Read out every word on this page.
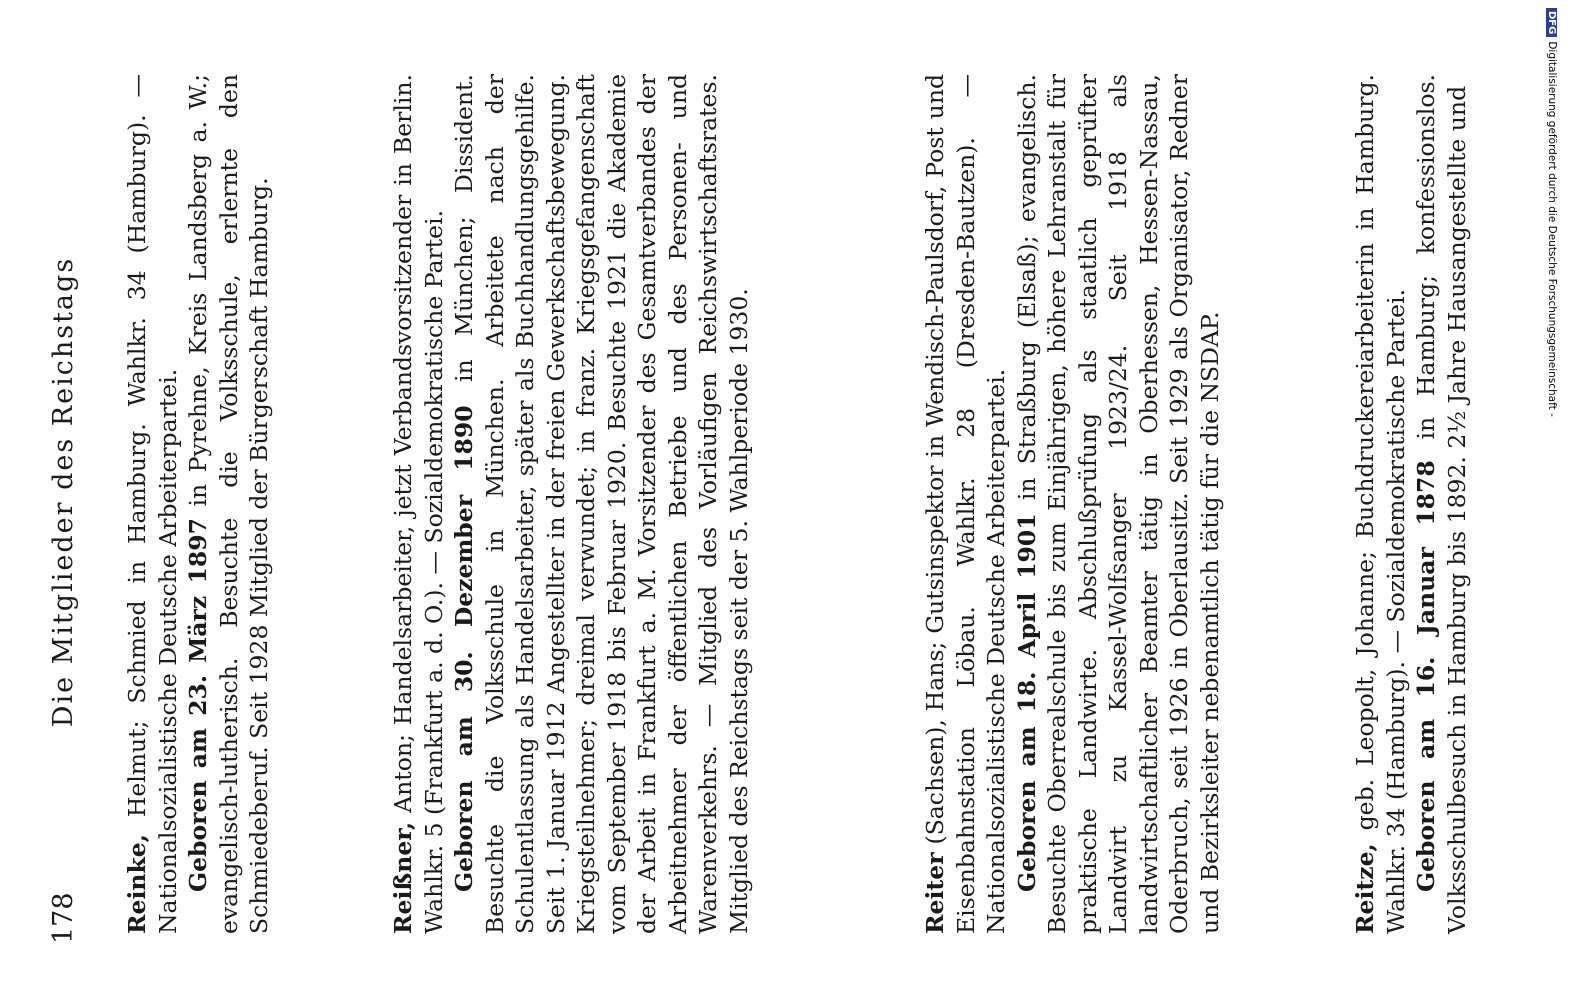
178
Die Mitglieder des Reichstags

Reinke, Helmut; Schmied in Hamburg. Wahlkr. 34 (Hamburg). — Nationalsozialistische Deutsche Arbeiterpartei. Geboren am 23. März 1897 in Pyrehne, Kreis Landsberg a. W.; evangelisch-lutherisch. Besuchte die Volksschule, erlernte den Schmiedeberuf. Seit 1928 Mitglied der Bürgerschaft Hamburg.	Reißner, Anton; Handelsarbeiter, jetzt Verbandsvorsitzender in Berlin. Wahlkr. 5 (Frankfurt a. d. O.). — Sozialdemokratische Partei. Geboren am 30. Dezember 1890 in München; Dissident. Besuchte die Volksschule in München. Arbeitete nach der Schulentlassung als Handelsarbeiter, später als Buchhandlungsgehilfe. Seit 1. Januar 1912 Angestellter in der freien Gewerkschaftsbewegung. Kriegsteilnehmer; dreimal verwundet; in franz. Kriegsgefangenschaft vom September 1918 bis Februar 1920. Besuchte 1921 die Akademie der Arbeit in Frankfurt a. M. Vorsitzender des Gesamtverbandes der Arbeitnehmer der öffentlichen Betriebe und des Personen- und Warenverkehrs. — Mitglied des Vorläufigen Reichswirtschaftsrates. Mitglied des Reichstags seit der 5. Wahlperiode 1930.	Reiter (Sachsen), Hans; Gutsinspektor in Wendisch-Paulsdorf, Post und Eisenbahnstation Löbau. Wahlkr. 28 (Dresden-Bautzen). — Nationalsozialistische Deutsche Arbeiterpartei. Geboren am 18. April 1901 in Straßburg (Elsaß); evangelisch. Besuchte Oberrealschule bis zum Einjährigen, höhere Lehranstalt für praktische Landwirte. Abschlußprüfung als staatlich geprüfter Landwirt zu Kassel-Wolfsanger 1923/24. Seit 1918 als landwirtschaftlicher Beamter tätig in Oberhessen, Hessen-Nassau, Oderbruch, seit 1926 in Oberlausitz. Seit 1929 als Organisator, Redner und Bezirksleiter nebenamtlich tätig für die NSDAP.	Reitze, geb. Leopolt, Johanne; Buchdruckereiarbeiterin in Hamburg. Wahlkr. 34 (Hamburg). — Sozialdemokratische Partei. Geboren am 16. Januar 1878 in Hamburg; konfessionslos. Volksschulbesuch in Hamburg bis 1892. 2½ Jahre Hausangestellte und

DFGDigitalisierung gefördert durch die Deutsche Forschungsgemeinschaft -
